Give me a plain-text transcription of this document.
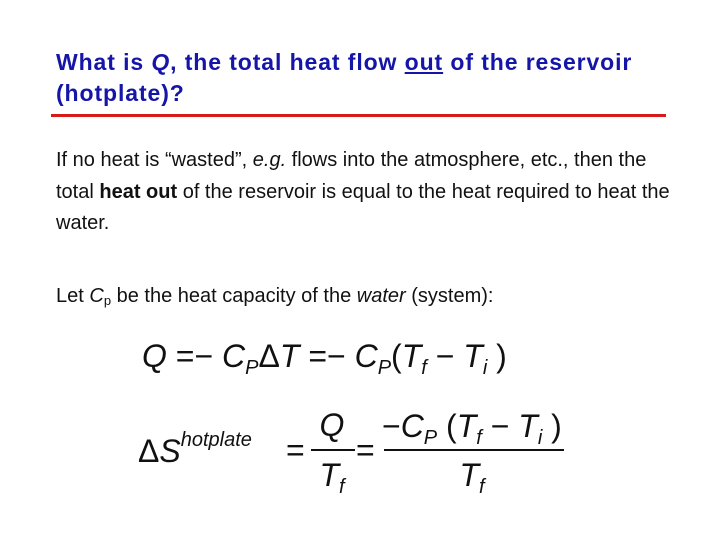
What is Q, the total heat flow out of the reservoir (hotplate)?
If no heat is “wasted”, e.g. flows into the atmosphere, etc., then the total heat out of the reservoir is equal to the heat required to heat the water.
Let $C_p$ be the heat capacity of the water (system):
$Q =- C_P\Delta T =- C_P(T_f - T_i$ )
$\Delta S^{hotplate}$ =
Q
$T_f$
=
$-C_P$ ($T_f - T_i$ )
$T_f$
